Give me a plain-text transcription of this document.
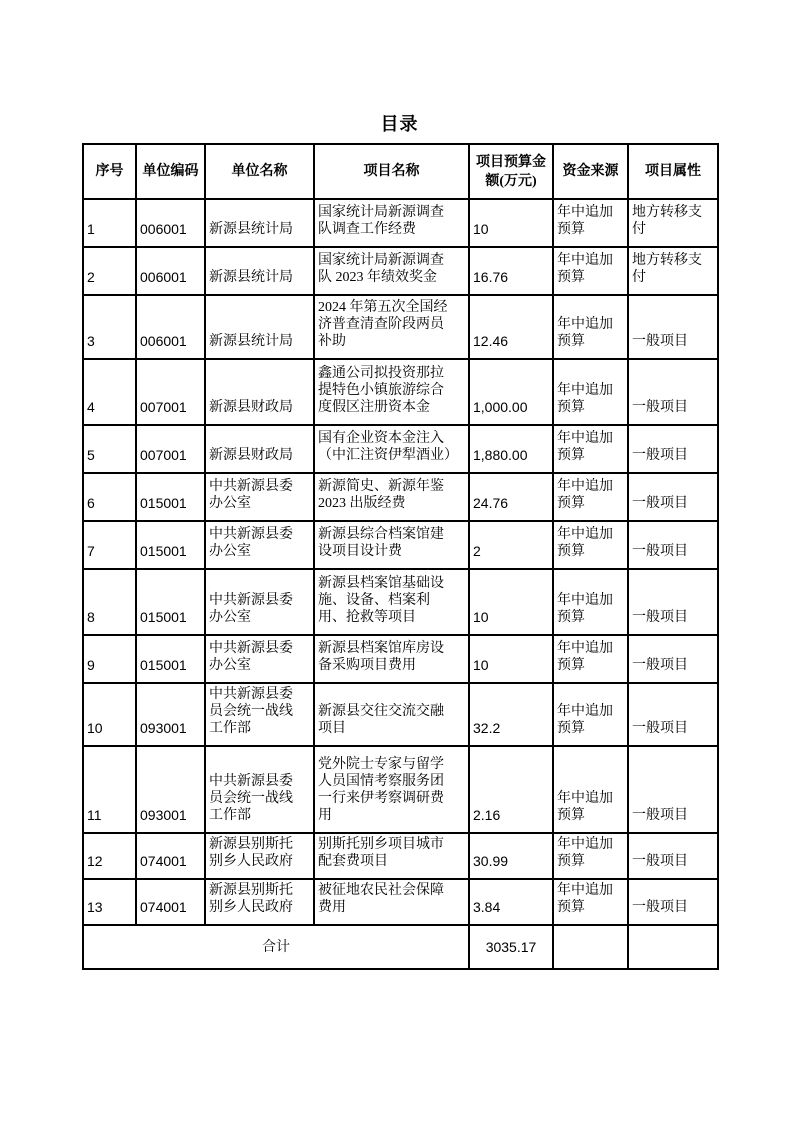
目录
序号	单位编码	单位名称	项目名称	项目预算金额(万元)	资金来源	项目属性
1	006001	新源县统计局	国家统计局新源调查队调查工作经费	10	年中追加预算	地方转移支付
2	006001	新源县统计局	国家统计局新源调查队 2023 年绩效奖金	16.76	年中追加预算	地方转移支付
3	006001	新源县统计局	2024 年第五次全国经济普查清查阶段两员补助	12.46	年中追加预算	一般项目
4	007001	新源县财政局	鑫通公司拟投资那拉提特色小镇旅游综合度假区注册资本金	1,000.00	年中追加预算	一般项目
5	007001	新源县财政局	国有企业资本金注入（中汇注资伊犁酒业）	1,880.00	年中追加预算	一般项目
6	015001	中共新源县委办公室	新源简史、新源年鉴2023 出版经费	24.76	年中追加预算	一般项目
7	015001	中共新源县委办公室	新源县综合档案馆建设项目设计费	2	年中追加预算	一般项目
8	015001	中共新源县委办公室	新源县档案馆基础设施、设备、档案利用、抢救等项目	10	年中追加预算	一般项目
9	015001	中共新源县委办公室	新源县档案馆库房设备采购项目费用	10	年中追加预算	一般项目
10	093001	中共新源县委员会统一战线工作部	新源县交往交流交融项目	32.2	年中追加预算	一般项目
11	093001	中共新源县委员会统一战线工作部	党外院士专家与留学人员国情考察服务团一行来伊考察调研费用	2.16	年中追加预算	一般项目
12	074001	新源县别斯托别乡人民政府	别斯托别乡项目城市配套费项目	30.99	年中追加预算	一般项目
13	074001	新源县别斯托别乡人民政府	被征地农民社会保障费用	3.84	年中追加预算	一般项目
合计				3035.17		
